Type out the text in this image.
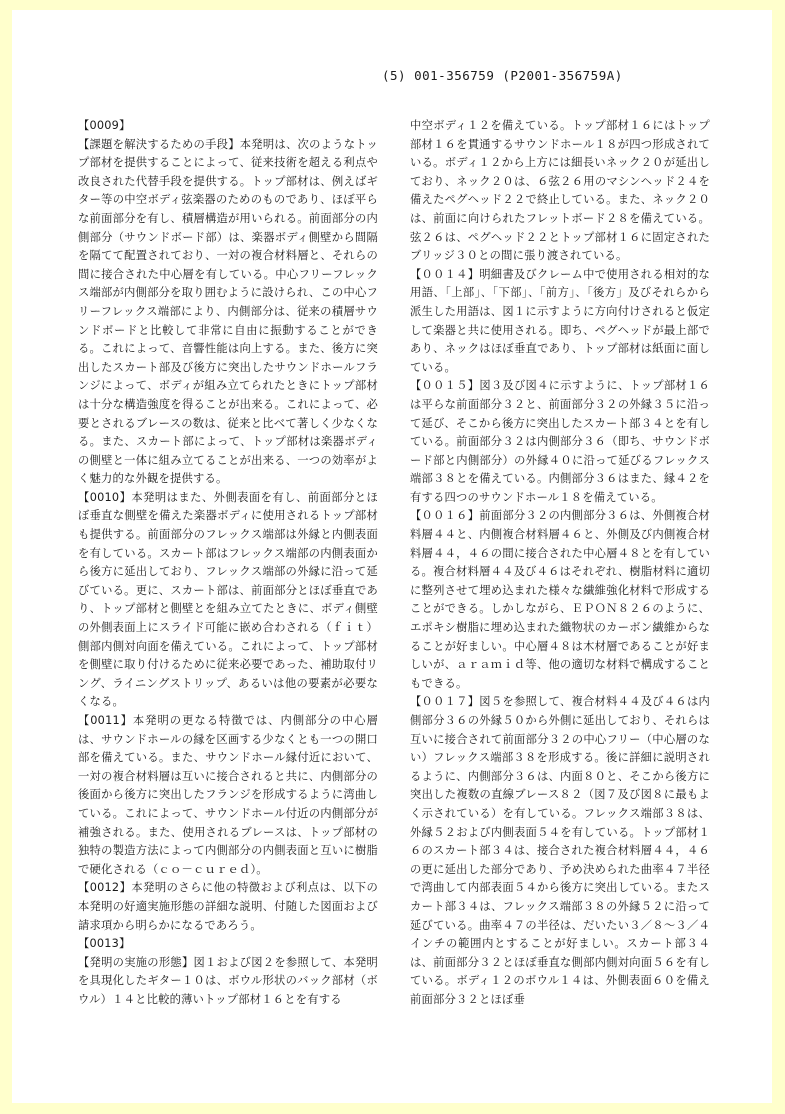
‪(5) 001-356759 (P2001-356759A)

【0009】

【課題を解決するための手段】本発明は、次のようなトップ部材を提供することによって、従来技術を超える利点や改良された代替手段を提供する。トップ部材は、例えばギター等の中空ボディ弦楽器のためのものであり、ほぼ平らな前面部分を有し、積層構造が用いられる。前面部分の内側部分（サウンドボード部）は、楽器ボディ側壁から間隔を隔てて配置されており、一対の複合材料層と、それらの間に接合された中心層を有している。中心フリーフレックス端部が内側部分を取り囲むように設けられ、この中心フリーフレックス端部により、内側部分は、従来の積層サウンドボードと比較して非常に自由に振動することができる。これによって、音響性能は向上する。また、後方に突出したスカート部及び後方に突出したサウンドホールフランジによって、ボディが組み立てられたときにトップ部材は十分な構造強度を得ることが出来る。これによって、必要とされるブレースの数は、従来と比べて著しく少なくなる。また、スカート部によって、トップ部材は楽器ボディの側壁と一体に組み立てることが出来る、一つの効率がよく魅力的な外観を提供する。

【0010】本発明はまた、外側表面を有し、前面部分とほぼ垂直な側壁を備えた楽器ボディに使用されるトップ部材も提供する。前面部分のフレックス端部は外縁と内側表面を有している。スカート部はフレックス端部の内側表面から後方に延出しており、フレックス端部の外縁に沿って延びている。更に、スカート部は、前面部分とほぼ垂直であり、トップ部材と側壁とを組み立てたときに、ボディ側壁の外側表面上にスライド可能に嵌め合わされる（ｆｉｔ）側部内側対向面を備えている。これによって、トップ部材を側壁に取り付けるために従来必要であった、補助取付リング、ライニングストリップ、あるいは他の要素が必要なくなる。

【0011】本発明の更なる特徴では、内側部分の中心層は、サウンドホールの縁を区画する少なくとも一つの開口部を備えている。また、サウンドホール縁付近において、一対の複合材料層は互いに接合されると共に、内側部分の後面から後方に突出したフランジを形成するように湾曲している。これによって、サウンドホール付近の内側部分が補強される。また、使用されるブレースは、トップ部材の独特の製造方法によって内側部分の内側表面と互いに樹脂で硬化される（ｃｏ－ｃｕｒｅｄ）。

【0012】本発明のさらに他の特徴および利点は、以下の本発明の好適実施形態の詳細な説明、付随した図面および請求項から明らかになるであろう。

【0013】

【発明の実施の形態】図１および図２を参照して、本発明を具現化したギター１０は、ボウル形状のバック部材（ボウル）１４と比較的薄いトップ部材１６とを有する

中空ボディ１２を備えている。トップ部材１６にはトップ部材１６を貫通するサウンドホール１８が四つ形成されている。ボディ１２から上方には細長いネック２０が延出しており、ネック２０は、６弦２６用のマシンヘッド２４を備えたペグヘッド２２で終止している。また、ネック２０は、前面に向けられたフレットボード２８を備えている。弦２６は、ペグヘッド２２とトップ部材１６に固定されたブリッジ３０との間に張り渡されている。

【００１４】明細書及びクレーム中で使用される相対的な用語、「上部」、「下部」、「前方」、「後方」及びそれらから派生した用語は、図１に示すように方向付けされると仮定して楽器と共に使用される。即ち、ペグヘッドが最上部であり、ネックはほぼ垂直であり、トップ部材は紙面に面している。

【００１５】図３及び図４に示すように、トップ部材１６は平らな前面部分３２と、前面部分３２の外縁３５に沿って延び、そこから後方に突出したスカート部３４とを有している。前面部分３２は内側部分３６（即ち、サウンドボード部と内側部分）の外縁４０に沿って延びるフレックス端部３８とを備えている。内側部分３６はまた、縁４２を有する四つのサウンドホール１８を備えている。

【００１６】前面部分３２の内側部分３６は、外側複合材料層４４と、内側複合材料層４６と、外側及び内側複合材料層４４，４６の間に接合された中心層４８とを有している。複合材料層４４及び４６はそれぞれ、樹脂材料に適切に整列させて埋め込まれた様々な繊維強化材料で形成することができる。しかしながら、ＥＰＯＮ８２６のように、エポキシ樹脂に埋め込まれた織物状のカーボン繊維からなることが好ましい。中心層４８は木材層であることが好ましいが、ａｒａｍｉｄ等、他の適切な材料で構成することもできる。

【００１７】図５を参照して、複合材料４４及び４６は内側部分３６の外縁５０から外側に延出しており、それらは互いに接合されて前面部分３２の中心フリー（中心層のない）フレックス端部３８を形成する。後に詳細に説明されるように、内側部分３６は、内面８０と、そこから後方に突出した複数の直線ブレース８２（図７及び図８に最もよく示されている）を有している。フレックス端部３８は、外縁５２および内側表面５４を有している。トップ部材１６のスカート部３４は、接合された複合材料層４４，４６の更に延出した部分であり、予め決められた曲率４７半径で湾曲して内部表面５４から後方に突出している。またスカート部３４は、フレックス端部３８の外縁５２に沿って延びている。曲率４７の半径は、だいたい３／８～３／４インチの範囲内とすることが好ましい。スカート部３４は、前面部分３２とほぼ垂直な側部内側対向面５６を有している。ボディ１２のボウル１４は、外側表面６０を備え前面部分３２とほぼ垂
